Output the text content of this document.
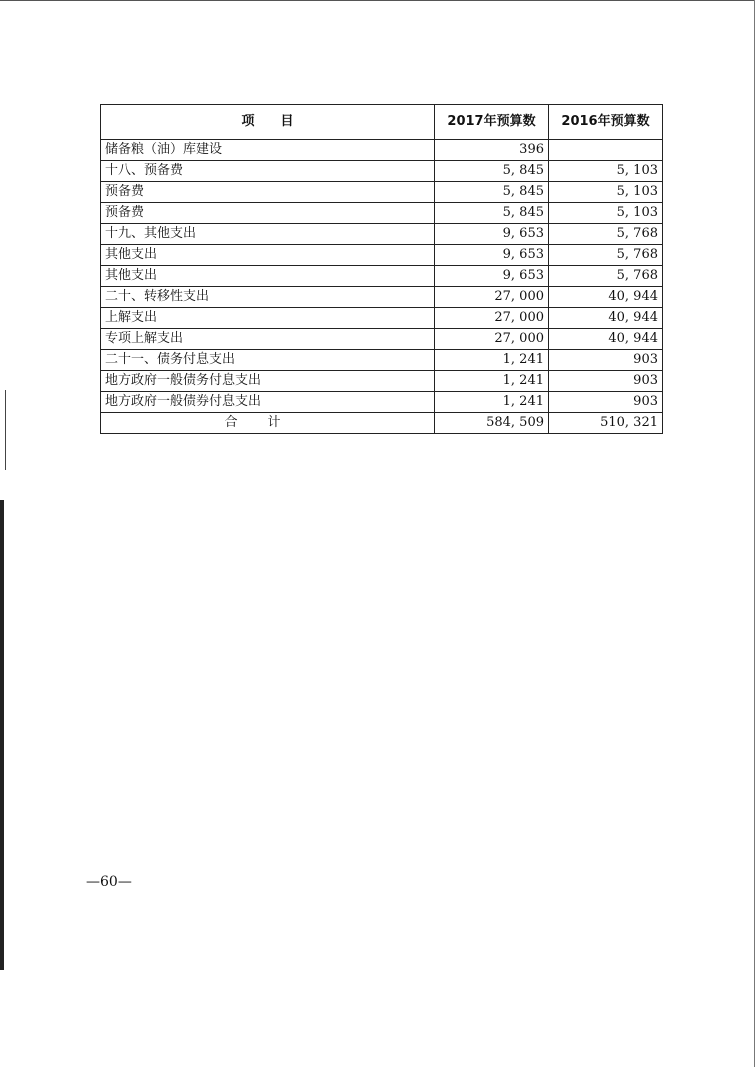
项　　目	2017年预算数	2016年预算数
储备粮（油）库建设	396	
十八、预备费	5, 845	5, 103
预备费	5, 845	5, 103
预备费	5, 845	5, 103
十九、其他支出	9, 653	5, 768
其他支出	9, 653	5, 768
其他支出	9, 653	5, 768
二十、转移性支出	27, 000	40, 944
上解支出	27, 000	40, 944
专项上解支出	27, 000	40, 944
二十一、债务付息支出	1, 241	903
地方政府一般债务付息支出	1, 241	903
地方政府一般债券付息支出	1, 241	903
合计	584, 509	510, 321
—60—
